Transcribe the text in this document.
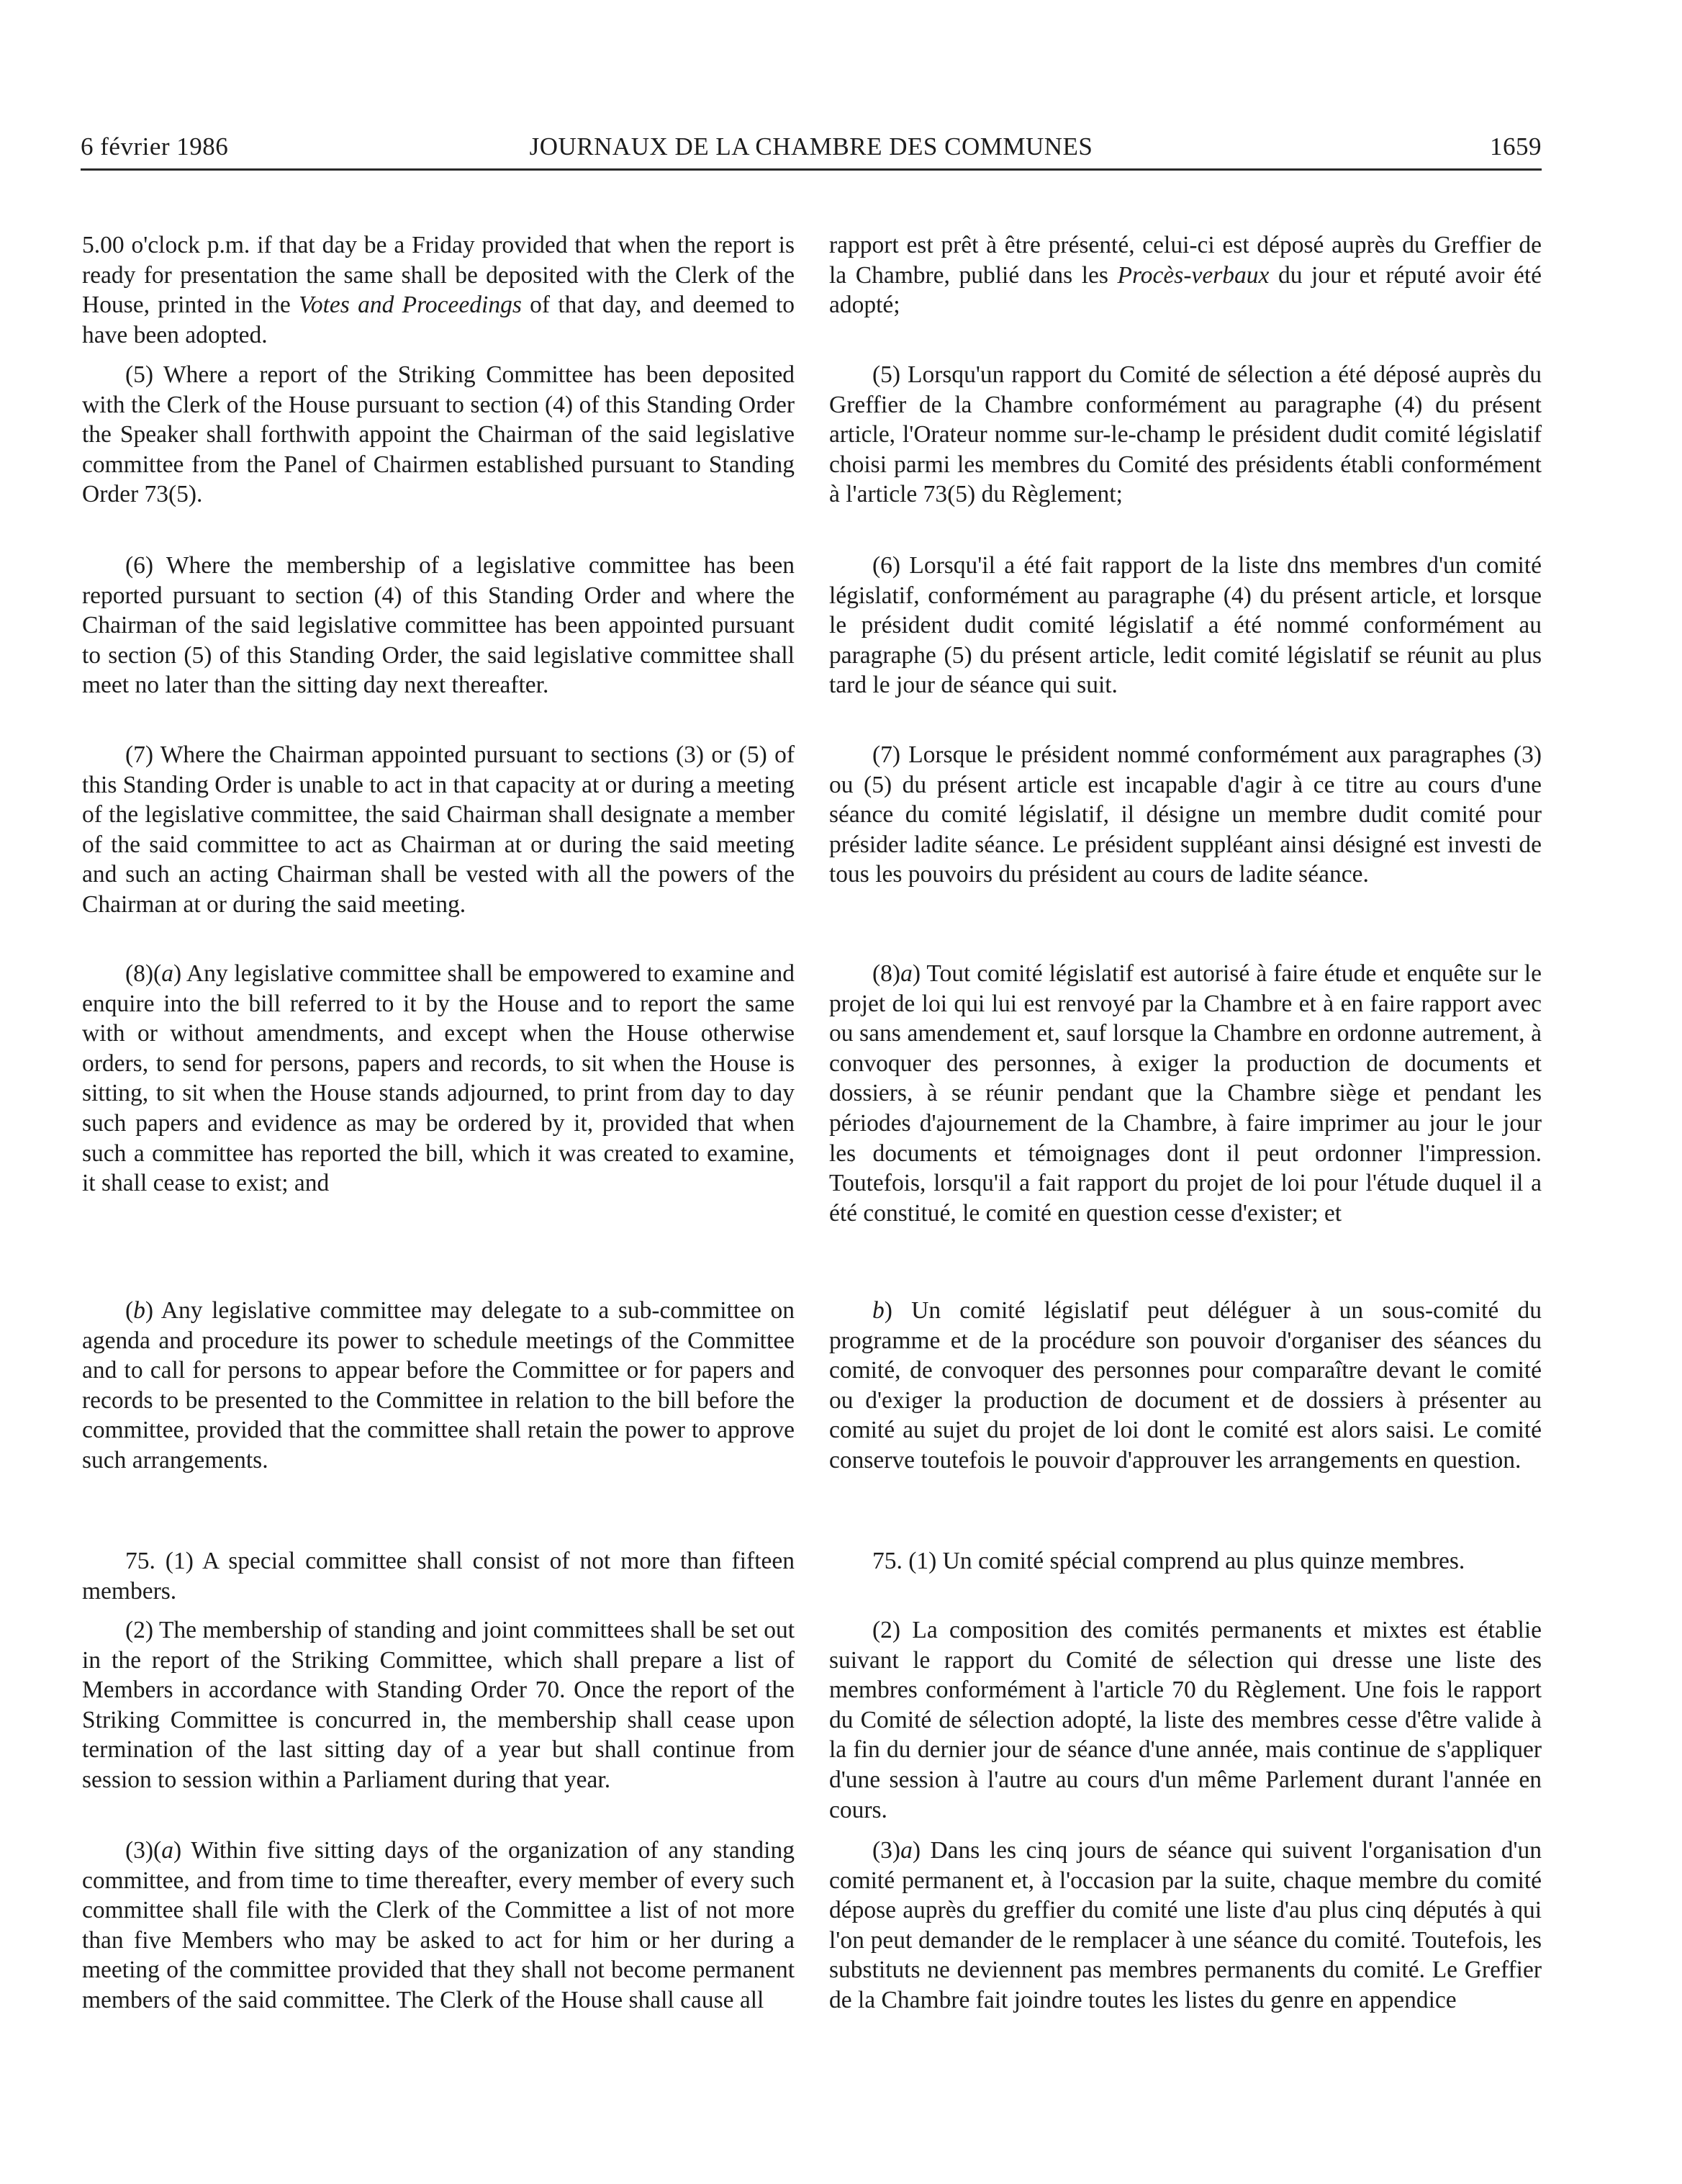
6 février 1986	JOURNAUX DE LA CHAMBRE DES COMMUNES	1659

5.00 o'clock p.m. if that day be a Friday provided that when the report is ready for presentation the same shall be deposited with the Clerk of the House, printed in the Votes and Proceedings of that day, and deemed to have been adopted.

(5) Where a report of the Striking Committee has been deposited with the Clerk of the House pursuant to section (4) of this Standing Order the Speaker shall forthwith appoint the Chairman of the said legislative committee from the Panel of Chairmen established pursuant to Standing Order 73(5).

(6) Where the membership of a legislative committee has been reported pursuant to section (4) of this Standing Order and where the Chairman of the said legislative committee has been appointed pursuant to section (5) of this Standing Order, the said legislative committee shall meet no later than the sitting day next thereafter.

(7) Where the Chairman appointed pursuant to sections (3) or (5) of this Standing Order is unable to act in that capacity at or during a meeting of the legislative committee, the said Chairman shall designate a member of the said committee to act as Chairman at or during the said meeting and such an acting Chairman shall be vested with all the powers of the Chairman at or during the said meeting.

(8)(a) Any legislative committee shall be empowered to examine and enquire into the bill referred to it by the House and to report the same with or without amendments, and except when the House otherwise orders, to send for persons, papers and records, to sit when the House is sitting, to sit when the House stands adjourned, to print from day to day such papers and evidence as may be ordered by it, provided that when such a committee has reported the bill, which it was created to examine, it shall cease to exist; and

(b) Any legislative committee may delegate to a sub-committee on agenda and procedure its power to schedule meetings of the Committee and to call for persons to appear before the Committee or for papers and records to be presented to the Committee in relation to the bill before the committee, provided that the committee shall retain the power to approve such arrangements.

75. (1) A special committee shall consist of not more than fifteen members.

(2) The membership of standing and joint committees shall be set out in the report of the Striking Committee, which shall prepare a list of Members in accordance with Standing Order 70. Once the report of the Striking Committee is concurred in, the membership shall cease upon termination of the last sitting day of a year but shall continue from session to session within a Parliament during that year.

(3)(a) Within five sitting days of the organization of any standing committee, and from time to time thereafter, every member of every such committee shall file with the Clerk of the Committee a list of not more than five Members who may be asked to act for him or her during a meeting of the committee provided that they shall not become permanent members of the said committee. The Clerk of the House shall cause all

rapport est prêt à être présenté, celui-ci est déposé auprès du Greffier de la Chambre, publié dans les Procès-verbaux du jour et réputé avoir été adopté;

(5) Lorsqu'un rapport du Comité de sélection a été déposé auprès du Greffier de la Chambre conformément au paragraphe (4) du présent article, l'Orateur nomme sur-le-champ le président dudit comité législatif choisi parmi les membres du Comité des présidents établi conformément à l'article 73(5) du Règlement;

(6) Lorsqu'il a été fait rapport de la liste dns membres d'un comité législatif, conformément au paragraphe (4) du présent article, et lorsque le président dudit comité législatif a été nommé conformément au paragraphe (5) du présent article, ledit comité législatif se réunit au plus tard le jour de séance qui suit.

(7) Lorsque le président nommé conformément aux paragraphes (3) ou (5) du présent article est incapable d'agir à ce titre au cours d'une séance du comité législatif, il désigne un membre dudit comité pour présider ladite séance. Le président suppléant ainsi désigné est investi de tous les pouvoirs du président au cours de ladite séance.

(8)a) Tout comité législatif est autorisé à faire étude et enquête sur le projet de loi qui lui est renvoyé par la Chambre et à en faire rapport avec ou sans amendement et, sauf lorsque la Chambre en ordonne autrement, à convoquer des personnes, à exiger la production de documents et dossiers, à se réunir pendant que la Chambre siège et pendant les périodes d'ajournement de la Chambre, à faire imprimer au jour le jour les documents et témoignages dont il peut ordonner l'impression. Toutefois, lorsqu'il a fait rapport du projet de loi pour l'étude duquel il a été constitué, le comité en question cesse d'exister; et

b) Un comité législatif peut déléguer à un sous-comité du programme et de la procédure son pouvoir d'organiser des séances du comité, de convoquer des personnes pour comparaître devant le comité ou d'exiger la production de document et de dossiers à présenter au comité au sujet du projet de loi dont le comité est alors saisi. Le comité conserve toutefois le pouvoir d'approuver les arrangements en question.

75. (1) Un comité spécial comprend au plus quinze membres.

(2) La composition des comités permanents et mixtes est établie suivant le rapport du Comité de sélection qui dresse une liste des membres conformément à l'article 70 du Règlement. Une fois le rapport du Comité de sélection adopté, la liste des membres cesse d'être valide à la fin du dernier jour de séance d'une année, mais continue de s'appliquer d'une session à l'autre au cours d'un même Parlement durant l'année en cours.

(3)a) Dans les cinq jours de séance qui suivent l'organisation d'un comité permanent et, à l'occasion par la suite, chaque membre du comité dépose auprès du greffier du comité une liste d'au plus cinq députés à qui l'on peut demander de le remplacer à une séance du comité. Toutefois, les substituts ne deviennent pas membres permanents du comité. Le Greffier de la Chambre fait joindre toutes les listes du genre en appendice
